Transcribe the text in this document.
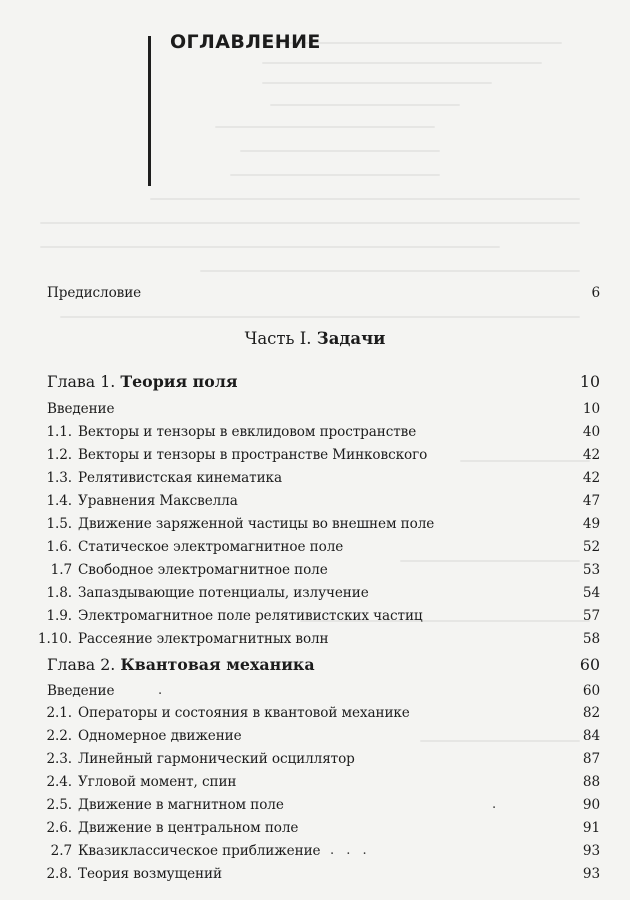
ОГЛАВЛЕНИЕ
Предисловие	6
Часть I. Задачи
Глава 1. Теория поля	10
Введение	10
1.1. Векторы и тензоры в евклидовом пространстве	40
1.2. Векторы и тензоры в пространстве Минковского	42
1.3. Релятивистская кинематика	42
1.4. Уравнения Максвелла	47
1.5. Движение заряженной частицы во внешнем поле	49
1.6. Статическое электромагнитное поле	52
1.7 Свободное электромагнитное поле	53
1.8. Запаздывающие потенциалы, излучение	54
1.9. Электромагнитное поле релятивистских частиц	57
1.10. Рассеяние электромагнитных волн	58
Глава 2. Квантовая механика	60
Введение	.	60
2.1. Операторы и состояния в квантовой механике	82
2.2. Одномерное движение	84
2.3. Линейный гармонический осциллятор	87
2.4. Угловой момент, спин	88
2.5. Движение в магнитном поле	.	90
2.6. Движение в центральном поле	91
2.7 Квазиклассическое приближение . . .	93
2.8. Теория возмущений	93
